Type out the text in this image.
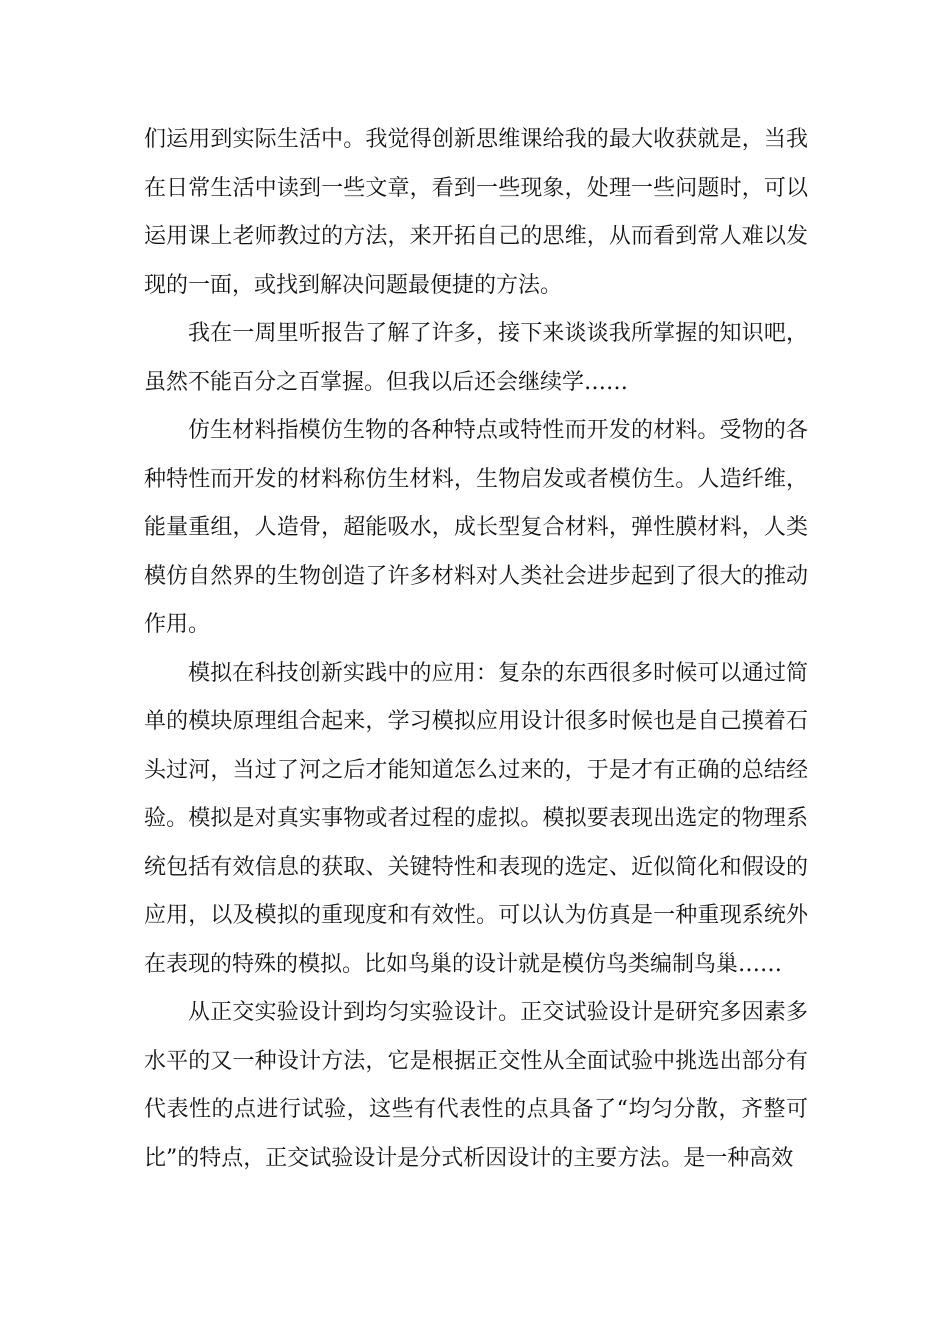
们运用到实际生活中。我觉得创新思维课给我的最大收获就是，当我在日常生活中读到一些文章，看到一些现象，处理一些问题时，可以运用课上老师教过的方法，来开拓自己的思维，从而看到常人难以发现的一面，或找到解决问题最便捷的方法。

我在一周里听报告了解了许多，接下来谈谈我所掌握的知识吧，虽然不能百分之百掌握。但我以后还会继续学……

仿生材料指模仿生物的各种特点或特性而开发的材料。受物的各种特性而开发的材料称仿生材料，生物启发或者模仿生。人造纤维，能量重组，人造骨，超能吸水，成长型复合材料，弹性膜材料，人类模仿自然界的生物创造了许多材料对人类社会进步起到了很大的推动作用。

模拟在科技创新实践中的应用：复杂的东西很多时候可以通过简单的模块原理组合起来，学习模拟应用设计很多时候也是自己摸着石头过河，当过了河之后才能知道怎么过来的，于是才有正确的总结经验。模拟是对真实事物或者过程的虚拟。模拟要表现出选定的物理系统包括有效信息的获取、关键特性和表现的选定、近似简化和假设的应用，以及模拟的重现度和有效性。可以认为仿真是一种重现系统外在表现的特殊的模拟。比如鸟巢的设计就是模仿鸟类编制鸟巢……

从正交实验设计到均匀实验设计。正交试验设计是研究多因素多水平的又一种设计方法，它是根据正交性从全面试验中挑选出部分有代表性的点进行试验，这些有代表性的点具备了“均匀分散，齐整可比”的特点，正交试验设计是分式析因设计的主要方法。是一种高效
